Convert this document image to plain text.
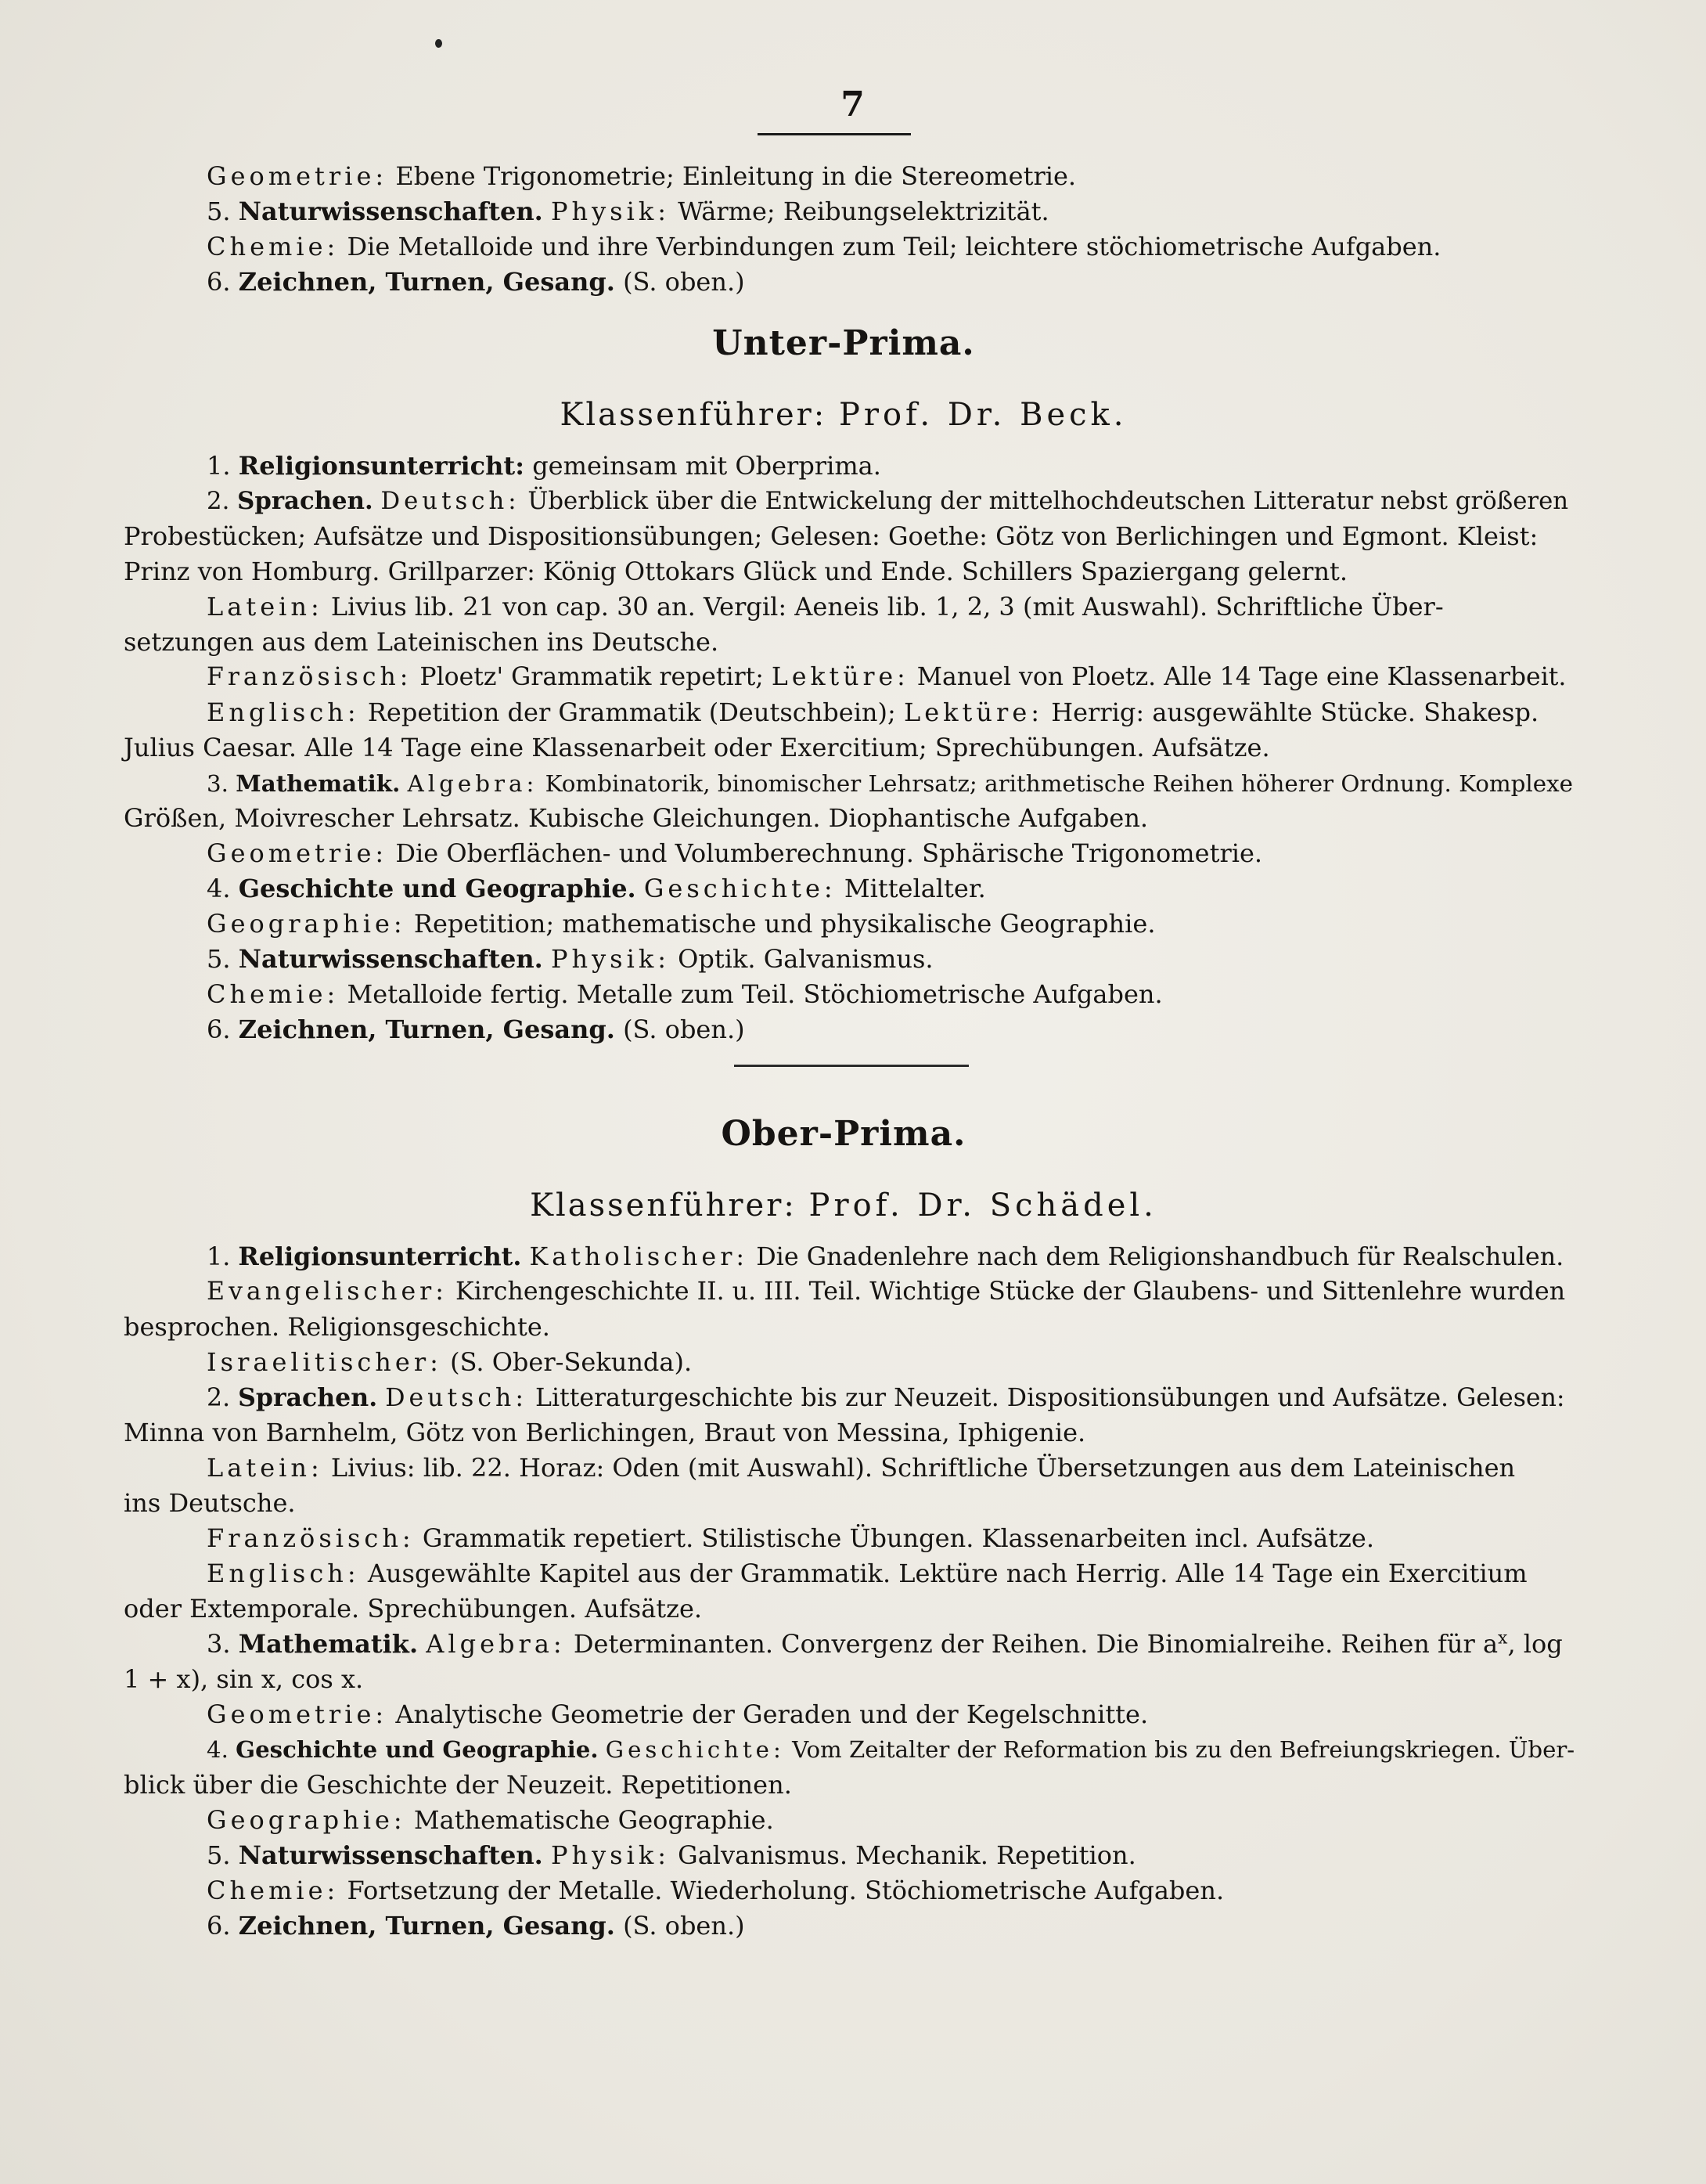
7
Geometrie: Ebene Trigonometrie; Einleitung in die Stereometrie.
5. Naturwissenschaften. Physik: Wärme; Reibungselektrizität.
Chemie: Die Metalloide und ihre Verbindungen zum Teil; leichtere stöchiometrische Aufgaben.
6. Zeichnen, Turnen, Gesang. (S. oben.)
Unter-Prima.
Klassenführer: Prof. Dr. Beck.
1. Religionsunterricht: gemeinsam mit Oberprima.
2. Sprachen. Deutsch: Überblick über die Entwickelung der mittelhochdeutschen Litteratur nebst größeren
Probestücken; Aufsätze und Dispositionsübungen; Gelesen: Goethe: Götz von Berlichingen und Egmont. Kleist:
Prinz von Homburg. Grillparzer: König Ottokars Glück und Ende. Schillers Spaziergang gelernt.
Latein: Livius lib. 21 von cap. 30 an. Vergil: Aeneis lib. 1, 2, 3 (mit Auswahl). Schriftliche Über-
setzungen aus dem Lateinischen ins Deutsche.
Französisch: Ploetz' Grammatik repetirt; Lektüre: Manuel von Ploetz. Alle 14 Tage eine Klassenarbeit.
Englisch: Repetition der Grammatik (Deutschbein); Lektüre: Herrig: ausgewählte Stücke. Shakesp.
Julius Caesar. Alle 14 Tage eine Klassenarbeit oder Exercitium; Sprechübungen. Aufsätze.
3. Mathematik. Algebra: Kombinatorik, binomischer Lehrsatz; arithmetische Reihen höherer Ordnung. Komplexe
Größen, Moivrescher Lehrsatz. Kubische Gleichungen. Diophantische Aufgaben.
Geometrie: Die Oberflächen- und Volumberechnung. Sphärische Trigonometrie.
4. Geschichte und Geographie. Geschichte: Mittelalter.
Geographie: Repetition; mathematische und physikalische Geographie.
5. Naturwissenschaften. Physik: Optik. Galvanismus.
Chemie: Metalloide fertig. Metalle zum Teil. Stöchiometrische Aufgaben.
6. Zeichnen, Turnen, Gesang. (S. oben.)
Ober-Prima.
Klassenführer: Prof. Dr. Schädel.
1. Religionsunterricht. Katholischer: Die Gnadenlehre nach dem Religionshandbuch für Realschulen.
Evangelischer: Kirchengeschichte II. u. III. Teil. Wichtige Stücke der Glaubens- und Sittenlehre wurden
besprochen. Religionsgeschichte.
Israelitischer: (S. Ober-Sekunda).
2. Sprachen. Deutsch: Litteraturgeschichte bis zur Neuzeit. Dispositionsübungen und Aufsätze. Gelesen:
Minna von Barnhelm, Götz von Berlichingen, Braut von Messina, Iphigenie.
Latein: Livius: lib. 22. Horaz: Oden (mit Auswahl). Schriftliche Übersetzungen aus dem Lateinischen
ins Deutsche.
Französisch: Grammatik repetiert. Stilistische Übungen. Klassenarbeiten incl. Aufsätze.
Englisch: Ausgewählte Kapitel aus der Grammatik. Lektüre nach Herrig. Alle 14 Tage ein Exercitium
oder Extemporale. Sprechübungen. Aufsätze.
3. Mathematik. Algebra: Determinanten. Convergenz der Reihen. Die Binomialreihe. Reihen für $a^x$, log
1 + x), sin x, cos x.
Geometrie: Analytische Geometrie der Geraden und der Kegelschnitte.
4. Geschichte und Geographie. Geschichte: Vom Zeitalter der Reformation bis zu den Befreiungskriegen. Über-
blick über die Geschichte der Neuzeit. Repetitionen.
Geographie: Mathematische Geographie.
5. Naturwissenschaften. Physik: Galvanismus. Mechanik. Repetition.
Chemie: Fortsetzung der Metalle. Wiederholung. Stöchiometrische Aufgaben.
6. Zeichnen, Turnen, Gesang. (S. oben.)
